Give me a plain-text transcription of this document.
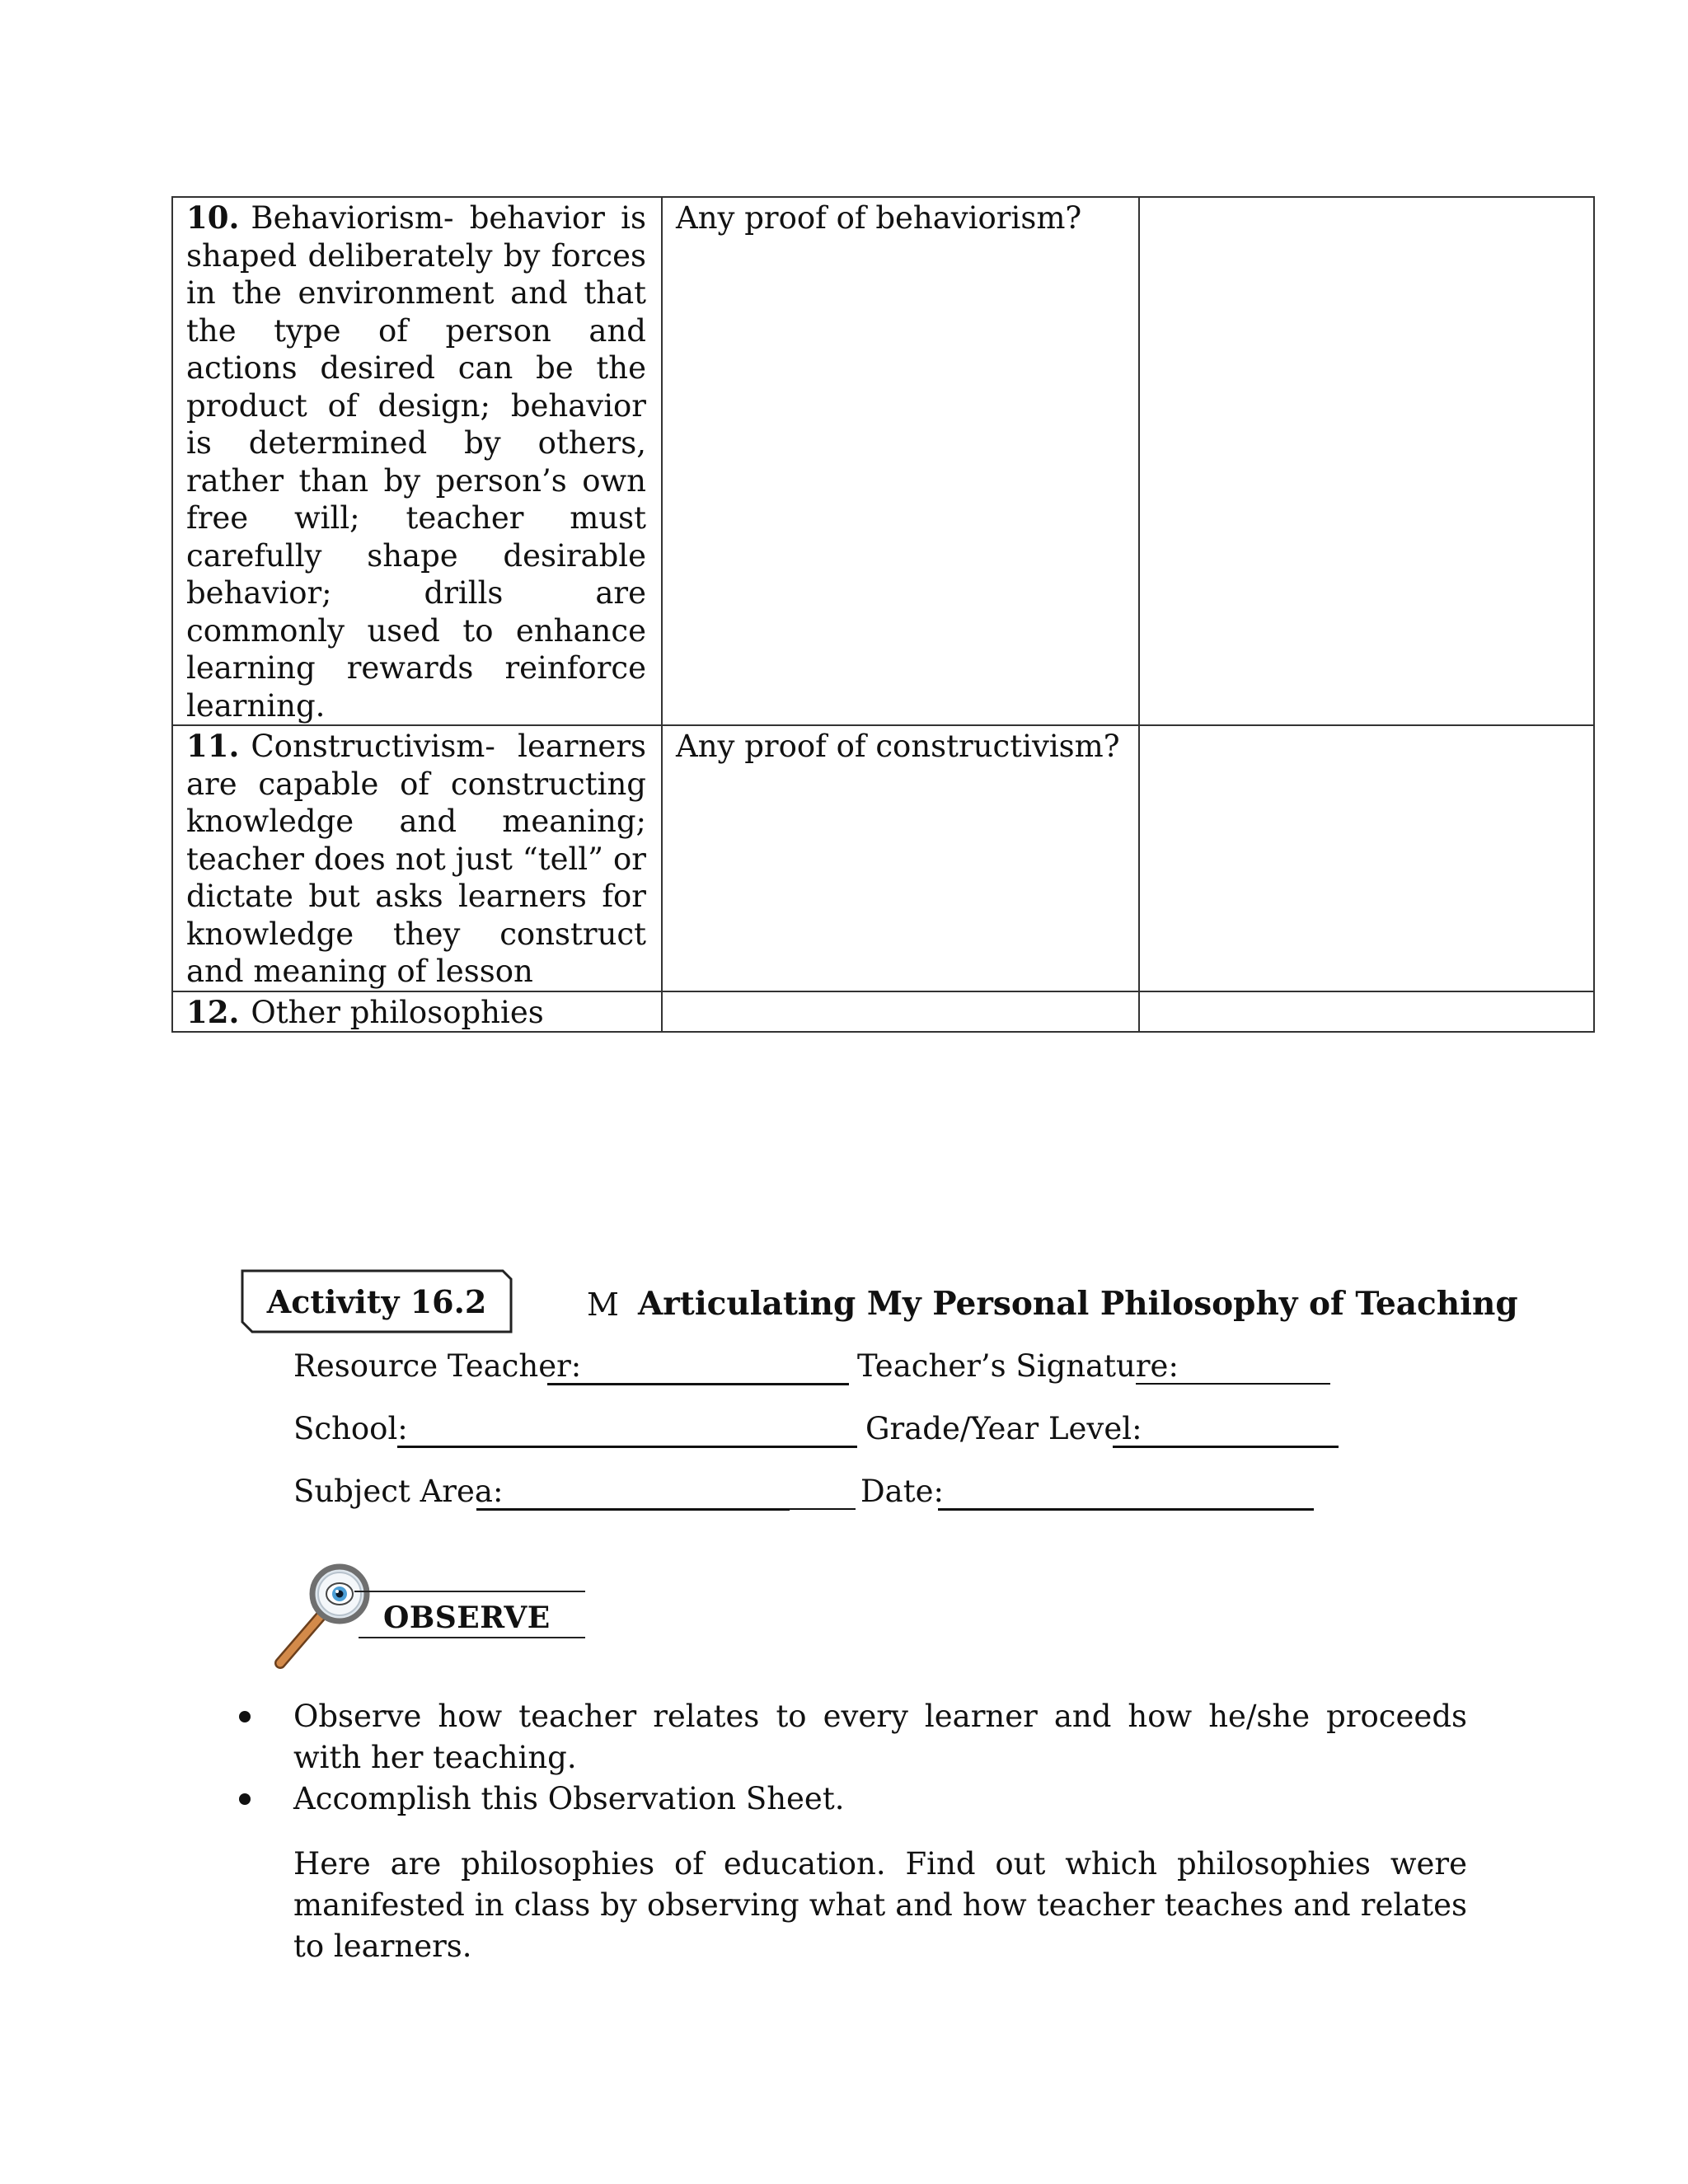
10. Behaviorism- behavior is shaped deliberately by forces in the environment and that the type of person and actions desired can be the product of design; behavior is determined by others, rather than by person’s own free will; teacher must carefully shape desirable behavior; drills are commonly used to enhance learning rewards reinforce learning.	Any proof of behaviorism?	
11. Constructivism- learners are capable of constructing knowledge and meaning; teacher does not just “tell” or dictate but asks learners for knowledge they construct and meaning of lesson	Any proof of constructivism?	
12. Other philosophies		
Activity 16.2	M Articulating My Personal Philosophy of Teaching
Resource Teacher:	Teacher’s Signature:
School:	Grade/Year Level:
Subject Area:	Date:
OBSERVE
Observe how teacher relates to every learner and how he/she proceeds with her teaching.
Accomplish this Observation Sheet.
Here are philosophies of education. Find out which philosophies were manifested in class by observing what and how teacher teaches and relates to learners.
